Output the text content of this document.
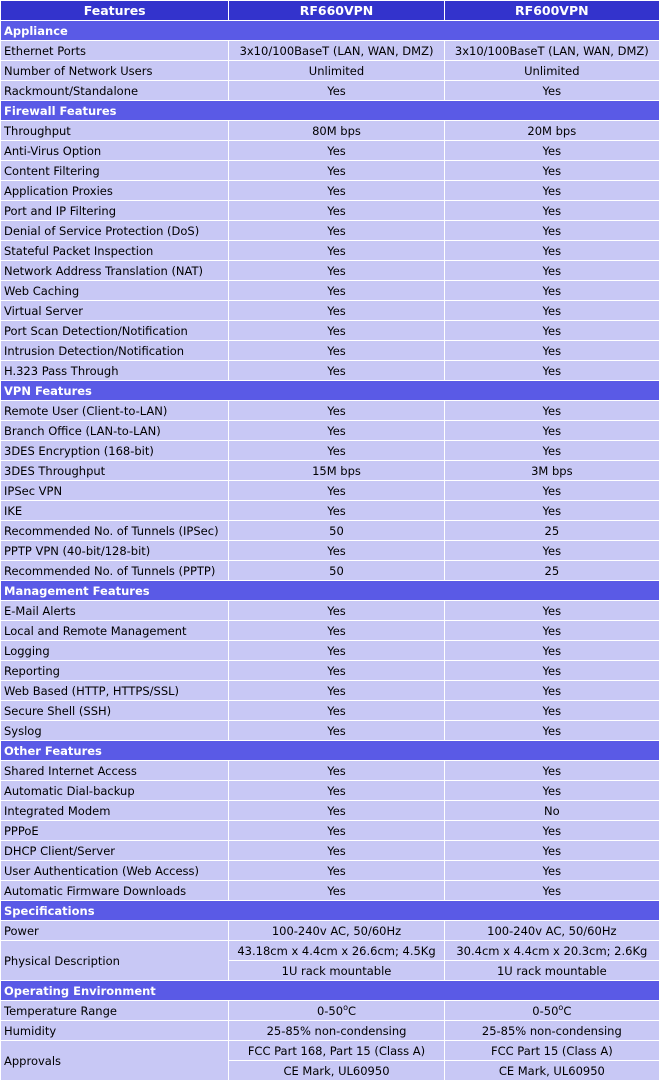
Features	RF660VPN	RF600VPN
Appliance		
Ethernet Ports	3x10/100BaseT (LAN, WAN, DMZ)	3x10/100BaseT (LAN, WAN, DMZ)
Number of Network Users	Unlimited	Unlimited
Rackmount/Standalone	Yes	Yes
Firewall Features		
Throughput	80M bps	20M bps
Anti-Virus Option	Yes	Yes
Content Filtering	Yes	Yes
Application Proxies	Yes	Yes
Port and IP Filtering	Yes	Yes
Denial of Service Protection (DoS)	Yes	Yes
Stateful Packet Inspection	Yes	Yes
Network Address Translation (NAT)	Yes	Yes
Web Caching	Yes	Yes
Virtual Server	Yes	Yes
Port Scan Detection/Notification	Yes	Yes
Intrusion Detection/Notification	Yes	Yes
H.323 Pass Through	Yes	Yes
VPN Features		
Remote User (Client-to-LAN)	Yes	Yes
Branch Office (LAN-to-LAN)	Yes	Yes
3DES Encryption (168-bit)	Yes	Yes
3DES Throughput	15M bps	3M bps
IPSec VPN	Yes	Yes
IKE	Yes	Yes
Recommended No. of Tunnels (IPSec)	50	25
PPTP VPN (40-bit/128-bit)	Yes	Yes
Recommended No. of Tunnels (PPTP)	50	25
Management Features		
E-Mail Alerts	Yes	Yes
Local and Remote Management	Yes	Yes
Logging	Yes	Yes
Reporting	Yes	Yes
Web Based (HTTP, HTTPS/SSL)	Yes	Yes
Secure Shell (SSH)	Yes	Yes
Syslog	Yes	Yes
Other Features		
Shared Internet Access	Yes	Yes
Automatic Dial-backup	Yes	Yes
Integrated Modem	Yes	No
PPPoE	Yes	Yes
DHCP Client/Server	Yes	Yes
User Authentication (Web Access)	Yes	Yes
Automatic Firmware Downloads	Yes	Yes
Specifications		
Power	100-240v AC, 50/60Hz	100-240v AC, 50/60Hz
Physical Description	43.18cm x 4.4cm x 26.6cm; 4.5Kg	30.4cm x 4.4cm x 20.3cm; 2.6Kg
	1U rack mountable	1U rack mountable
Operating Environment		
Temperature Range	0-50$^o$C	0-50$^o$C
Humidity	25-85% non-condensing	25-85% non-condensing
Approvals	FCC Part 168, Part 15 (Class A)	FCC Part 15 (Class A)
	CE Mark, UL60950	CE Mark, UL60950
